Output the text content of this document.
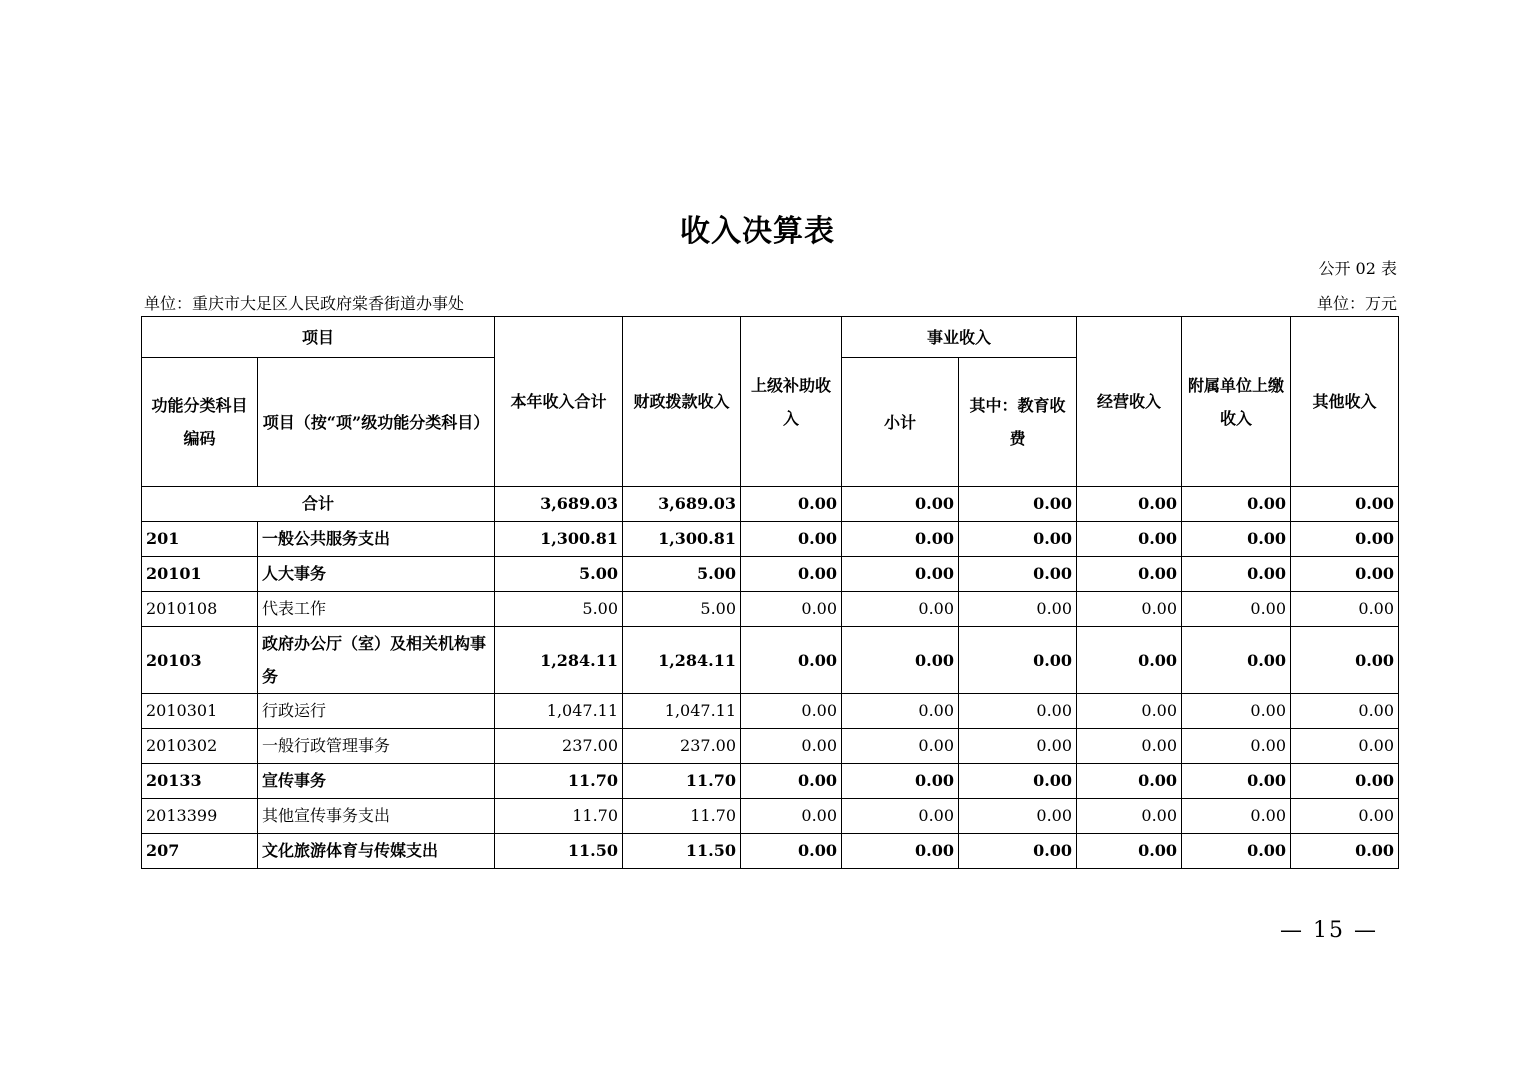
收入决算表
公开 02 表
单位：重庆市大足区人民政府棠香街道办事处	单位：万元
项目		本年收入合计	财政拨款收入	上级补助收入	事业收入		经营收入	附属单位上缴收入	其他收入
功能分类科目编码	项目（按“项”级功能分类科目）				小计	其中：教育收费			
合计		3,689.03	3,689.03	0.00	0.00	0.00	0.00	0.00	0.00
201	一般公共服务支出	1,300.81	1,300.81	0.00	0.00	0.00	0.00	0.00	0.00
20101	人大事务	5.00	5.00	0.00	0.00	0.00	0.00	0.00	0.00
2010108	代表工作	5.00	5.00	0.00	0.00	0.00	0.00	0.00	0.00
20103	政府办公厅（室）及相关机构事务	1,284.11	1,284.11	0.00	0.00	0.00	0.00	0.00	0.00
2010301	行政运行	1,047.11	1,047.11	0.00	0.00	0.00	0.00	0.00	0.00
2010302	一般行政管理事务	237.00	237.00	0.00	0.00	0.00	0.00	0.00	0.00
20133	宣传事务	11.70	11.70	0.00	0.00	0.00	0.00	0.00	0.00
2013399	其他宣传事务支出	11.70	11.70	0.00	0.00	0.00	0.00	0.00	0.00
207	文化旅游体育与传媒支出	11.50	11.50	0.00	0.00	0.00	0.00	0.00	0.00
— 15 —
